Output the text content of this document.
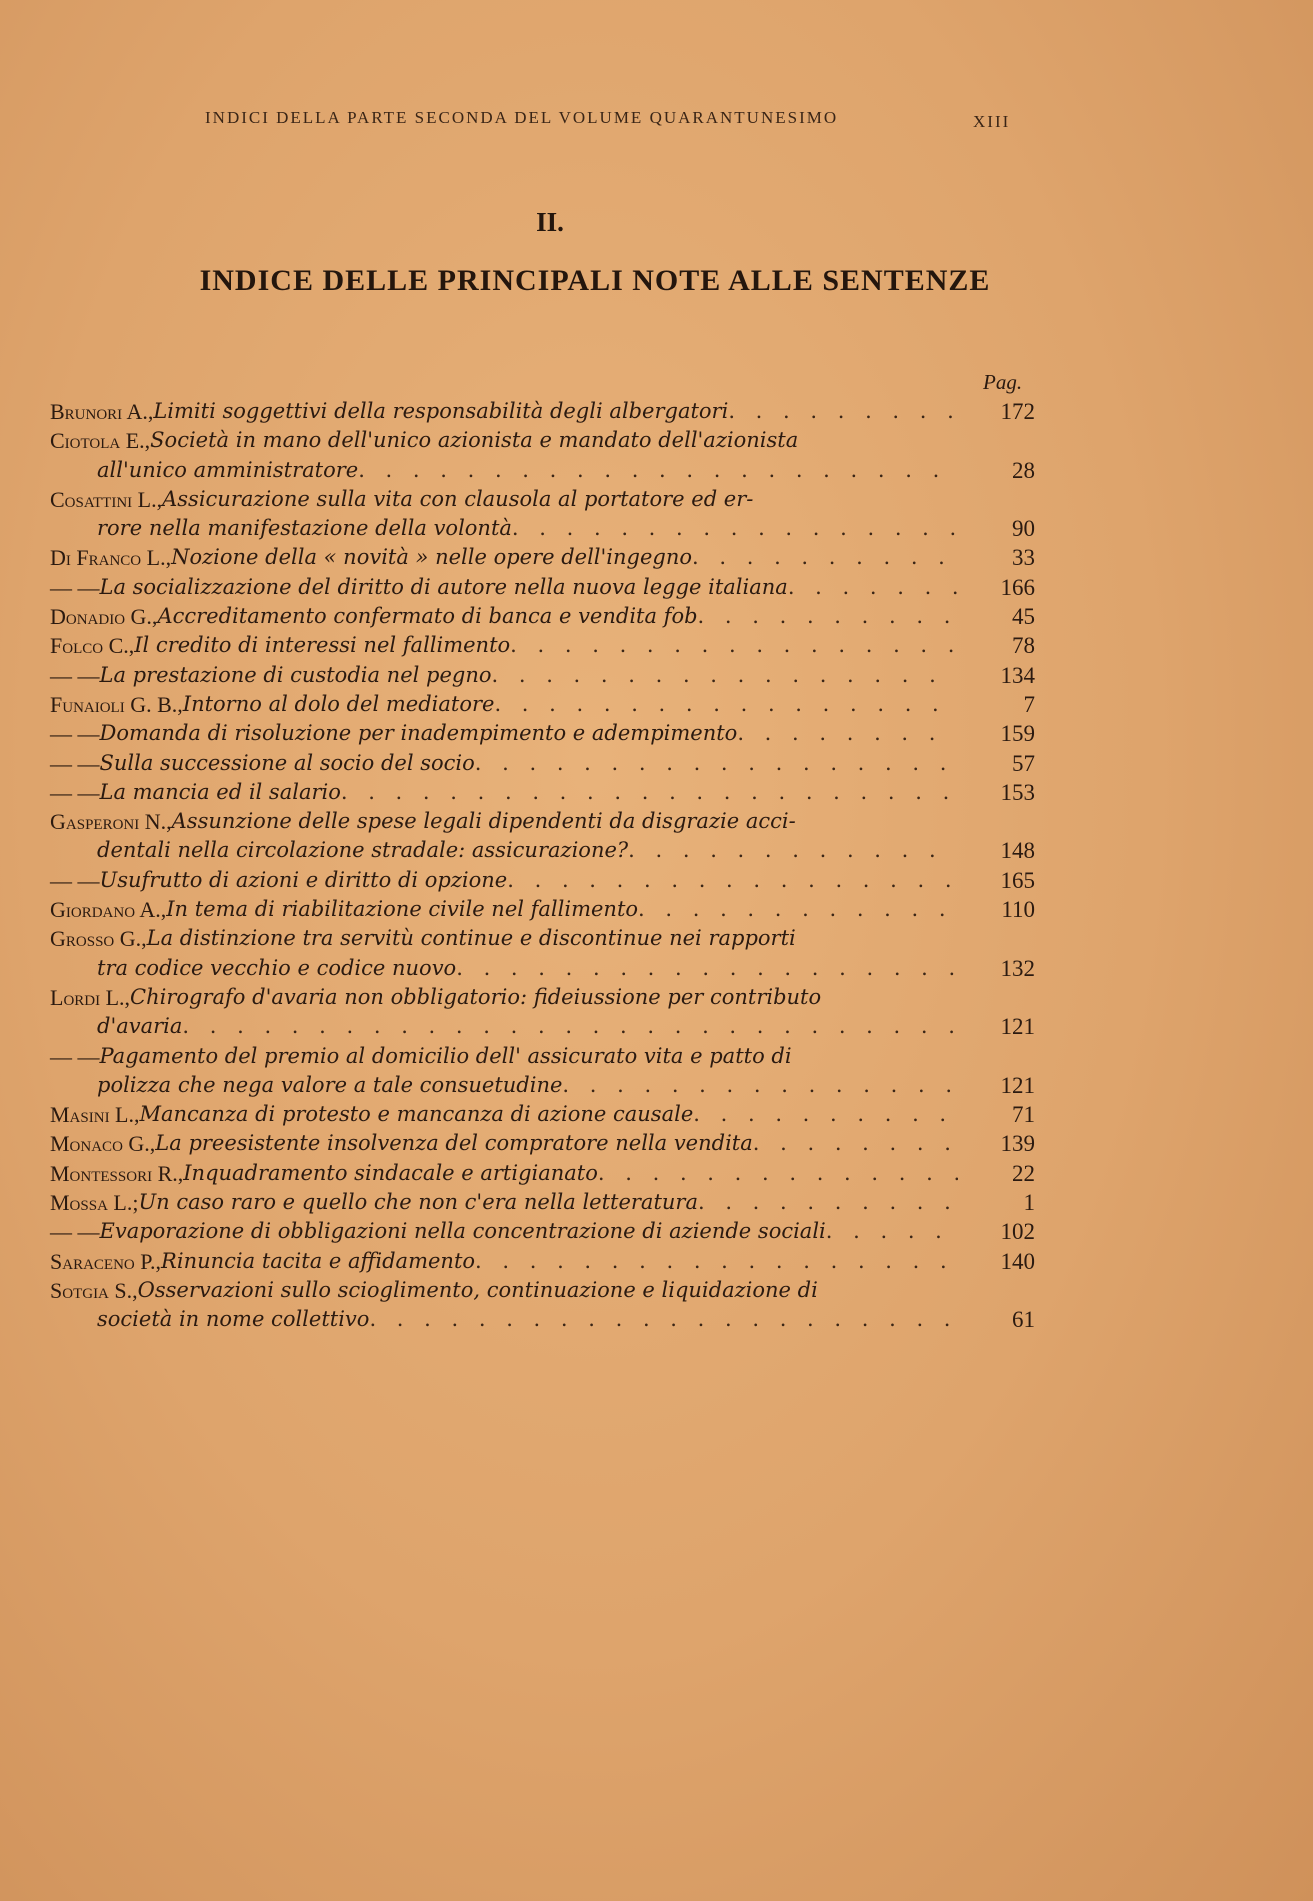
INDICI DELLA PARTE SECONDA DEL VOLUME QUARANTUNESIMO	XIII
II.
INDICE DELLE PRINCIPALI NOTE ALLE SENTENZE
Pag.
Brunori A., Limiti soggettivi della responsabilità degli albergatori . . .	172
Ciotola E., Società in mano dell'unico azionista e mandato dell'azionista
all'unico amministratore . . .	28
Cosattini L., Assicurazione sulla vita con clausola al portatore ed er-
rore nella manifestazione della volontà . . .	90
Di Franco L., Nozione della « novità » nelle opere dell'ingegno . . .	33
— — La socializzazione del diritto di autore nella nuova legge italiana . . .	166
Donadio G., Accreditamento confermato di banca e vendita fob . . .	45
Folco C., Il credito di interessi nel fallimento . . .	78
— — La prestazione di custodia nel pegno . . .	134
Funaioli G. B., Intorno al dolo del mediatore . . .	7
— — Domanda di risoluzione per inadempimento e adempimento . . .	159
— — Sulla successione al socio del socio . . .	57
— — La mancia ed il salario . . .	153
Gasperoni N., Assunzione delle spese legali dipendenti da disgrazie acci-
dentali nella circolazione stradale: assicurazione? . . .	148
— — Usufrutto di azioni e diritto di opzione . . .	165
Giordano A., In tema di riabilitazione civile nel fallimento . . .	110
Grosso G., La distinzione tra servitù continue e discontinue nei rapporti
tra codice vecchio e codice nuovo . . .	132
Lordi L., Chirografo d'avaria non obbligatorio: fideiussione per contributo
d'avaria . . .	121
— — Pagamento del premio al domicilio dell' assicurato vita e patto di
polizza che nega valore a tale consuetudine . . .	121
Masini L., Mancanza di protesto e mancanza di azione causale . . .	71
Monaco G., La preesistente insolvenza del compratore nella vendita . . .	139
Montessori R., Inquadramento sindacale e artigianato . . .	22
Mossa L.; Un caso raro e quello che non c'era nella letteratura . . .	1
— — Evaporazione di obbligazioni nella concentrazione di aziende sociali . . .	102
Saraceno P., Rinuncia tacita e affidamento . . .	140
Sotgia S., Osservazioni sullo scioglimento, continuazione e liquidazione di
società in nome collettivo . . .	61
